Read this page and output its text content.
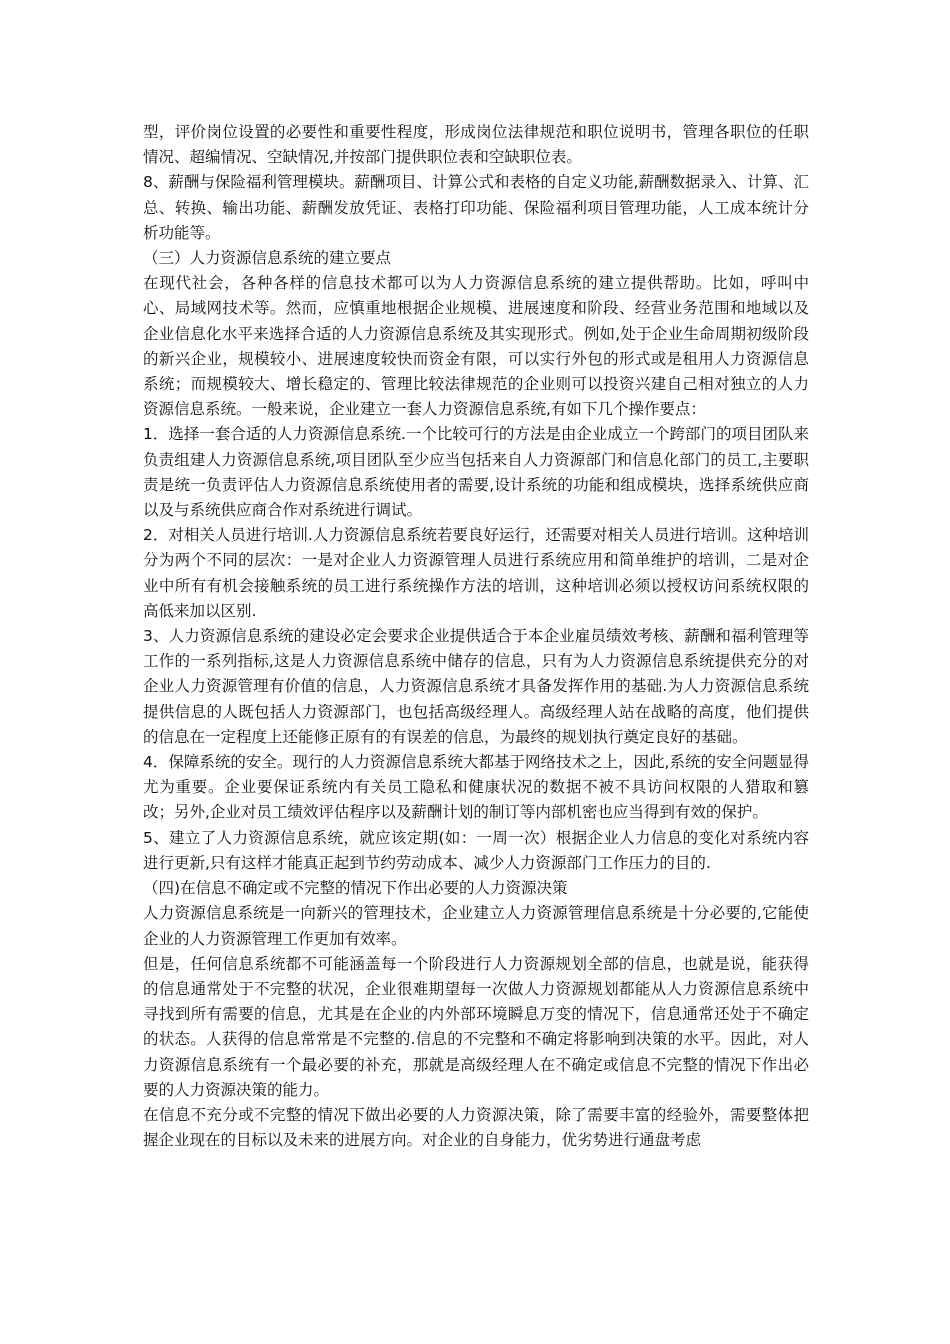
型，评价岗位设置的必要性和重要性程度，形成岗位法律规范和职位说明书，管理各职位的任职情况、超编情况、空缺情况,并按部门提供职位表和空缺职位表。

8、薪酬与保险福利管理模块。薪酬项目、计算公式和表格的自定义功能,薪酬数据录入、计算、汇总、转换、输出功能、薪酬发放凭证、表格打印功能、保险福利项目管理功能，人工成本统计分析功能等。

（三）人力资源信息系统的建立要点

在现代社会，各种各样的信息技术都可以为人力资源信息系统的建立提供帮助。比如，呼叫中心、局域网技术等。然而，应慎重地根据企业规模、进展速度和阶段、经营业务范围和地域以及企业信息化水平来选择合适的人力资源信息系统及其实现形式。例如,处于企业生命周期初级阶段的新兴企业，规模较小、进展速度较快而资金有限，可以实行外包的形式或是租用人力资源信息系统；而规模较大、增长稳定的、管理比较法律规范的企业则可以投资兴建自己相对独立的人力资源信息系统。一般来说，企业建立一套人力资源信息系统,有如下几个操作要点：

1．选择一套合适的人力资源信息系统.一个比较可行的方法是由企业成立一个跨部门的项目团队来负责组建人力资源信息系统,项目团队至少应当包括来自人力资源部门和信息化部门的员工,主要职责是统一负责评估人力资源信息系统使用者的需要,设计系统的功能和组成模块，选择系统供应商以及与系统供应商合作对系统进行调试。

2．对相关人员进行培训.人力资源信息系统若要良好运行，还需要对相关人员进行培训。这种培训分为两个不同的层次：一是对企业人力资源管理人员进行系统应用和简单维护的培训，二是对企业中所有有机会接触系统的员工进行系统操作方法的培训，这种培训必须以授权访问系统权限的高低来加以区别.

3、人力资源信息系统的建设必定会要求企业提供适合于本企业雇员绩效考核、薪酬和福利管理等工作的一系列指标,这是人力资源信息系统中储存的信息，只有为人力资源信息系统提供充分的对企业人力资源管理有价值的信息，人力资源信息系统才具备发挥作用的基础.为人力资源信息系统提供信息的人既包括人力资源部门，也包括高级经理人。高级经理人站在战略的高度，他们提供的信息在一定程度上还能修正原有的有误差的信息，为最终的规划执行奠定良好的基础。

4．保障系统的安全。现行的人力资源信息系统大都基于网络技术之上，因此,系统的安全问题显得尤为重要。企业要保证系统内有关员工隐私和健康状况的数据不被不具访问权限的人猎取和篡改；另外,企业对员工绩效评估程序以及薪酬计划的制订等内部机密也应当得到有效的保护。

5、建立了人力资源信息系统，就应该定期(如：一周一次）根据企业人力信息的变化对系统内容进行更新,只有这样才能真正起到节约劳动成本、减少人力资源部门工作压力的目的.

（四)在信息不确定或不完整的情况下作出必要的人力资源决策

人力资源信息系统是一向新兴的管理技术，企业建立人力资源管理信息系统是十分必要的,它能使企业的人力资源管理工作更加有效率。

但是，任何信息系统都不可能涵盖每一个阶段进行人力资源规划全部的信息，也就是说，能获得的信息通常处于不完整的状况，企业很难期望每一次做人力资源规划都能从人力资源信息系统中寻找到所有需要的信息，尤其是在企业的内外部环境瞬息万变的情况下，信息通常还处于不确定的状态。人获得的信息常常是不完整的.信息的不完整和不确定将影响到决策的水平。因此，对人力资源信息系统有一个最必要的补充，那就是高级经理人在不确定或信息不完整的情况下作出必要的人力资源决策的能力。

在信息不充分或不完整的情况下做出必要的人力资源决策，除了需要丰富的经验外，需要整体把握企业现在的目标以及未来的进展方向。对企业的自身能力，优劣势进行通盘考虑
